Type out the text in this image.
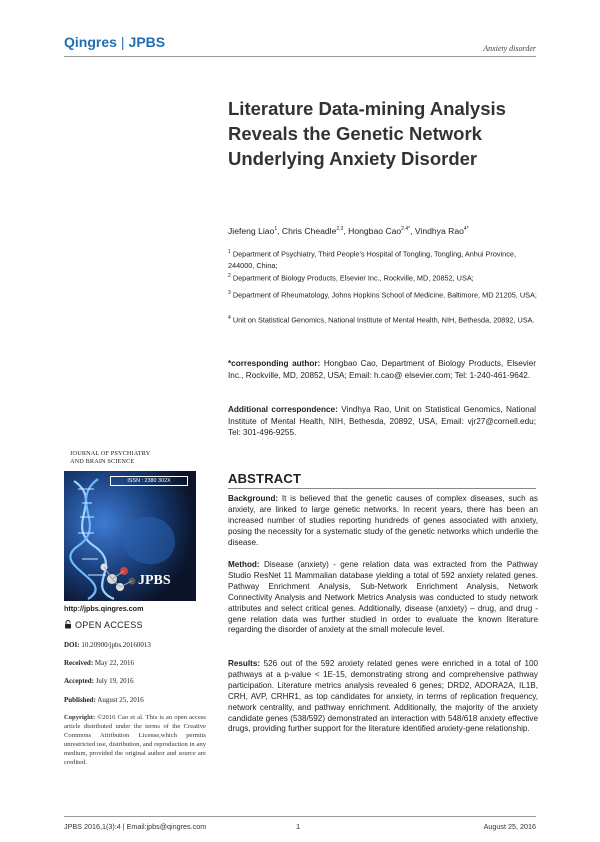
Qingres | JPBS	Anxiety disorder
Literature Data-mining Analysis Reveals the Genetic Network Underlying Anxiety Disorder
Jiefeng Liao$^1$, Chris Cheadle$^{2,3}$, Hongbao Cao$^{2,4*}$, Vindhya Rao$^{4*}$
$^1$ Department of Psychiatry, Third People's Hospital of Tongling, Tongling, Anhui Province, 244000, China;
$^2$ Department of Biology Products, Elsevier Inc., Rockville, MD, 20852, USA;
$^3$ Department of Rheumatology, Johns Hopkins School of Medicine, Baltimore, MD 21205, USA;
$^4$ Unit on Statistical Genomics, National Institute of Mental Health, NIH, Bethesda, 20892, USA.
*corresponding author: Hongbao Cao, Department of Biology Products, Elsevier Inc., Rockville, MD, 20852, USA; Email: h.cao@ elsevier.com; Tel: 1-240-461-9642.
Additional correspondence: Vindhya Rao, Unit on Statistical Genomics, National Institute of Mental Health, NIH, Bethesda, 20892, USA, Email: vjr27@cornell.edu; Tel: 301-496-9255.
JOURNAL OF PSYCHIATRY
AND BRAIN SCIENCE
ISSN : 2380 302X
JPBS
http://jpbs.qingres.com
OPEN ACCESS
DOI: 10.20900/jpbs.20160013
Received: May 22, 2016
Accepted: July 19, 2016
Published: August 25, 2016
Copyright: ©2016 Cao et al. This is an open access article distributed under the terms of the Creative Commons Attribution License,which permits unrestricted use, distribution, and reproduction in any medium, provided the original author and source are credited.
ABSTRACT

Background: It is believed that the genetic causes of complex diseases, such as anxiety, are linked to large genetic networks. In recent years, there has been an increased number of studies reporting hundreds of genes associated with anxiety, posing the necessity for a systematic study of the genetic networks which underlie the disease.

Method: Disease (anxiety) - gene relation data was extracted from the Pathway Studio ResNet 11 Mammalian database yielding a total of 592 anxiety related genes. Pathway Enrichment Analysis, Sub-Network Enrichment Analysis, Network Connectivity Analysis and Network Metrics Analysis was conducted to study network attributes and select critical genes. Additionally, disease (anxiety) – drug, and drug - gene relation data was further studied in order to evaluate the known literature regarding the disorder of anxiety at the small molecule level.

Results: 526 out of the 592 anxiety related genes were enriched in a total of 100 pathways at a p-value < 1E-15, demonstrating strong and comprehensive pathway participation. Literature metrics analysis revealed 6 genes; DRD2, ADORA2A, IL1B, CRH, AVP, CRHR1, as top candidates for anxiety, in terms of replication frequency, network centrality, and pathway enrichment. Additionally, the majority of the anxiety candidate genes (538/592) demonstrated an interaction with 548/618 anxiety effective drugs, providing further support for the literature identified anxiety-gene relationship.

JPBS 2016,1(3):4 | Email:jpbs@qingres.com	1	August 25, 2016
